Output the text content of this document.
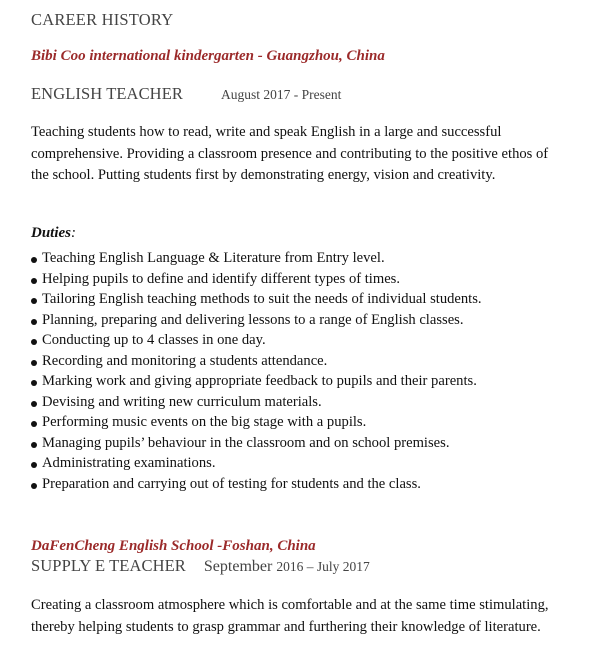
CAREER HISTORY
Bibi Coo international kindergarten - Guangzhou, China
ENGLISH TEACHER	August 2017 - Present
Teaching students how to read, write and speak English in a large and successful comprehensive. Providing a classroom presence and contributing to the positive ethos of the school. Putting students first by demonstrating energy, vision and creativity.
Duties:
Teaching English Language & Literature from Entry level.
Helping pupils to define and identify different types of times.
Tailoring English teaching methods to suit the needs of individual students.
Planning, preparing and delivering lessons to a range of English classes.
Conducting up to 4 classes in one day.
Recording and monitoring a students attendance.
Marking work and giving appropriate feedback to pupils and their parents.
Devising and writing new curriculum materials.
Performing music events on the big stage with a pupils.
Managing pupils’ behaviour in the classroom and on school premises.
Administrating examinations.
Preparation and carrying out of testing for students and the class.
DaFenCheng English School -Foshan, China
SUPPLY E TEACHER September 2016 – July 2017
Creating a classroom atmosphere which is comfortable and at the same time stimulating, thereby helping students to grasp grammar and furthering their knowledge of literature.
